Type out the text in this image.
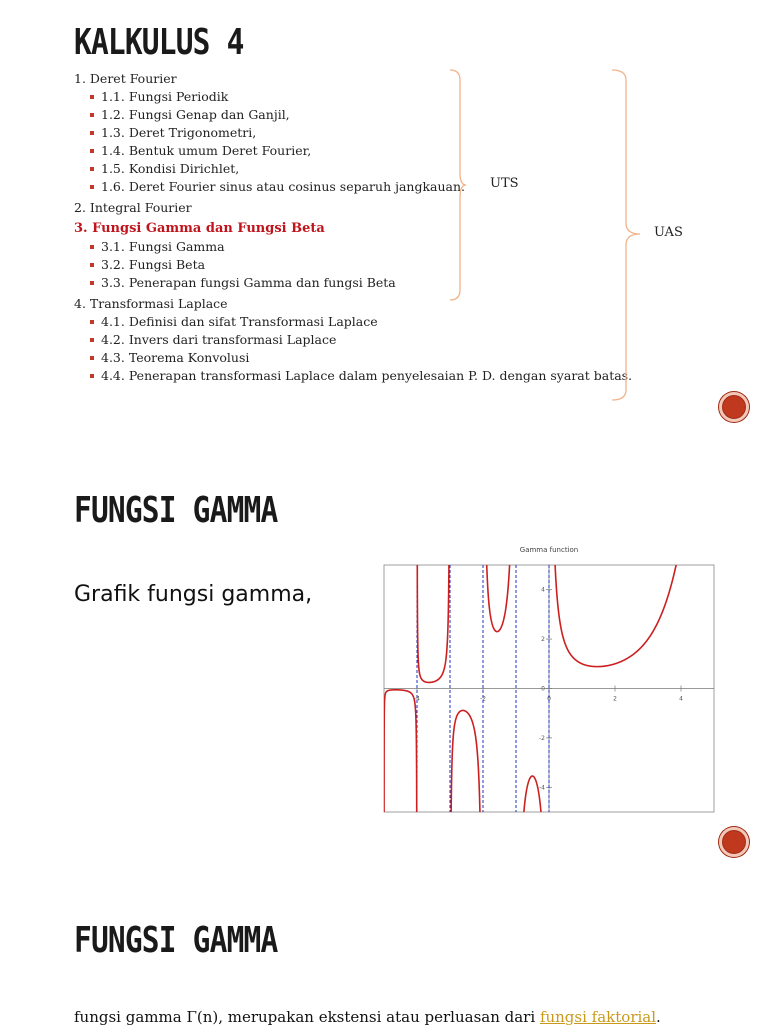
KALKULUS 4
1. Deret Fourier
1.1. Fungsi Periodik
1.2. Fungsi Genap dan Ganjil,
1.3. Deret Trigonometri,
1.4. Bentuk umum Deret Fourier,
1.5. Kondisi Dirichlet,
1.6. Deret Fourier sinus atau cosinus separuh jangkauan.
2. Integral Fourier
3. Fungsi Gamma dan Fungsi Beta
3.1. Fungsi Gamma
3.2. Fungsi Beta
3.3. Penerapan fungsi Gamma dan fungsi Beta
4. Transformasi Laplace
4.1. Definisi dan sifat Transformasi Laplace
4.2. Invers dari transformasi Laplace
4.3. Teorema Konvolusi
4.4. Penerapan transformasi Laplace dalam penyelesaian P. D. dengan syarat batas.
UTS
UAS
FUNGSI GAMMA

Grafik fungsi gamma,

Gamma function
-4	-2	0	2	4
-4
-2
0
2
4
FUNGSI GAMMA

fungsi gamma Γ(n), merupakan ekstensi atau perluasan dari fungsi faktorial.
